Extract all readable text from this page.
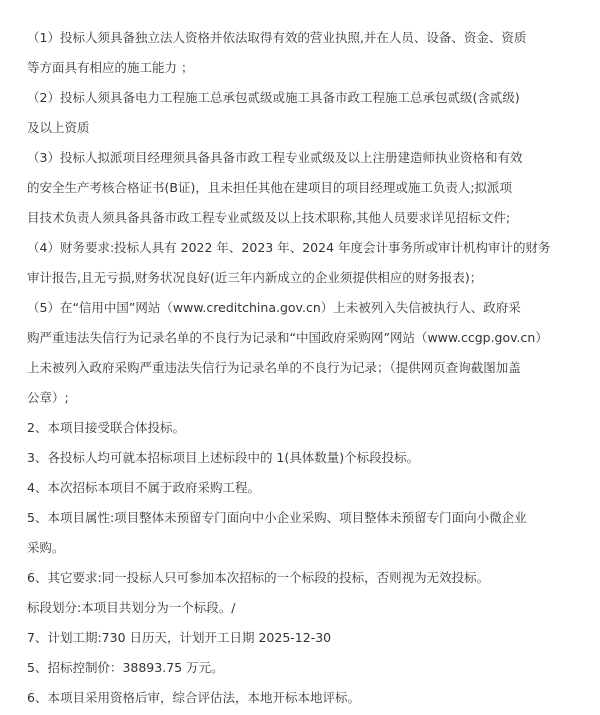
（1）投标人须具备独立法人资格并依法取得有效的营业执照,并在人员、设备、资金、资质
等方面具有相应的施工能力 ；
（2）投标人须具备电力工程施工总承包贰级或施工具备市政工程施工总承包贰级(含贰级)
及以上资质
（3）投标人拟派项目经理须具备具备市政工程专业贰级及以上注册建造师执业资格和有效
的安全生产考核合格证书(B证)，且未担任其他在建项目的项目经理或施工负责人;拟派项
目技术负责人须具备具备市政工程专业贰级及以上技术职称,其他人员要求详见招标文件;
（4）财务要求:投标人具有 2022 年、2023 年、2024 年度会计事务所或审计机构审计的财务
审计报告,且无亏损,财务状况良好(近三年内新成立的企业须提供相应的财务报表)；
（5）在“信用中国”网站（www.creditchina.gov.cn）上未被列入失信被执行人、政府采
购严重违法失信行为记录名单的不良行为记录和“中国政府采购网”网站（www.ccgp.gov.cn）
上未被列入政府采购严重违法失信行为记录名单的不良行为记录；（提供网页查询截图加盖
公章）;
2、本项目接受联合体投标。
3、各投标人均可就本招标项目上述标段中的 1(具体数量)个标段投标。
4、本次招标本项目不属于政府采购工程。
5、本项目属性:项目整体未预留专门面向中小企业采购、项目整体未预留专门面向小微企业
采购。
6、其它要求:同一投标人只可参加本次招标的一个标段的投标，否则视为无效投标。
标段划分:本项目共划分为一个标段。/
7、计划工期:730 日历天，计划开工日期 2025-12-30
5、招标控制价：38893.75 万元。
6、本项目采用资格后审，综合评估法，本地开标本地评标。
